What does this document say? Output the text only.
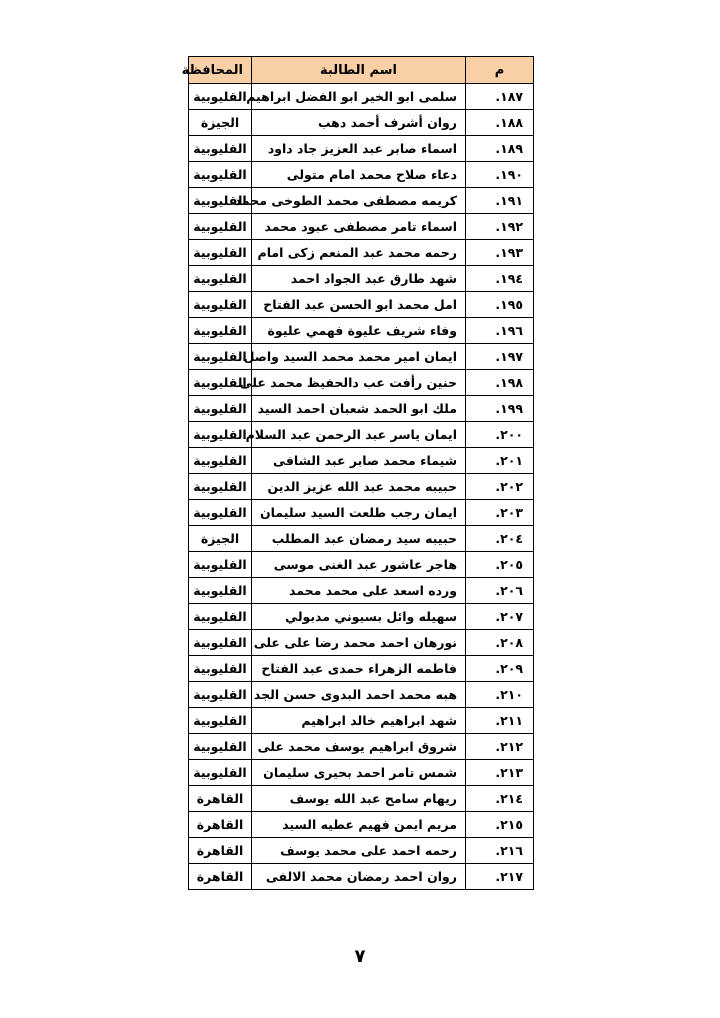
م	اسم الطالبة	المحافظة
١٨٧.	سلمى ابو الخير ابو الفضل ابراهيم	القليوبية
١٨٨.	روان أشرف أحمد دهب	الجيزة
١٨٩.	اسماء صابر عبد العزيز جاد داود	القليوبية
١٩٠.	دعاء صلاح محمد امام متولى	القليوبية
١٩١.	كريمه مصطفى محمد الطوخى محمد	القليوبية
١٩٢.	اسماء تامر مصطفى عبود محمد	القليوبية
١٩٣.	رحمه محمد عبد المنعم زكى امام	القليوبية
١٩٤.	شهد طارق عبد الجواد احمد	القليوبية
١٩٥.	امل محمد ابو الحسن عبد الفتاح	القليوبية
١٩٦.	وفاء شريف عليوة فهمي عليوة	القليوبية
١٩٧.	ايمان امير محمد محمد السيد واصل	القليوبية
١٩٨.	حنين رأفت عب دالحفيظ محمد على	القليوبية
١٩٩.	ملك ابو الحمد شعبان احمد السيد	القليوبية
٢٠٠.	ايمان ياسر عبد الرحمن عبد السلام	القليوبية
٢٠١.	شيماء محمد صابر عبد الشافى	القليوبية
٢٠٢.	حبيبه محمد عبد الله عزيز الدين	القليوبية
٢٠٣.	ايمان رجب طلعت السيد سليمان	القليوبية
٢٠٤.	حبيبه سيد رمضان عبد المطلب	الجيزة
٢٠٥.	هاجر عاشور عبد الغنى موسى	القليوبية
٢٠٦.	ورده اسعد على محمد محمد	القليوبية
٢٠٧.	سهيله وائل بسيوني مدبولي	القليوبية
٢٠٨.	نورهان احمد محمد رضا على على	القليوبية
٢٠٩.	فاطمه الزهراء حمدى عبد الفتاح	القليوبية
٢١٠.	هبه محمد احمد البدوى حسن الجد	القليوبية
٢١١.	شهد ابراهيم خالد ابراهيم	القليوبية
٢١٢.	شروق ابراهيم يوسف محمد على	القليوبية
٢١٣.	شمس تامر احمد بحيرى سليمان	القليوبية
٢١٤.	ريهام سامح عبد الله يوسف	القاهرة
٢١٥.	مريم ايمن فهيم عطيه السيد	القاهرة
٢١٦.	رحمه احمد على محمد يوسف	القاهرة
٢١٧.	روان احمد رمضان محمد الالفى	القاهرة
٧
